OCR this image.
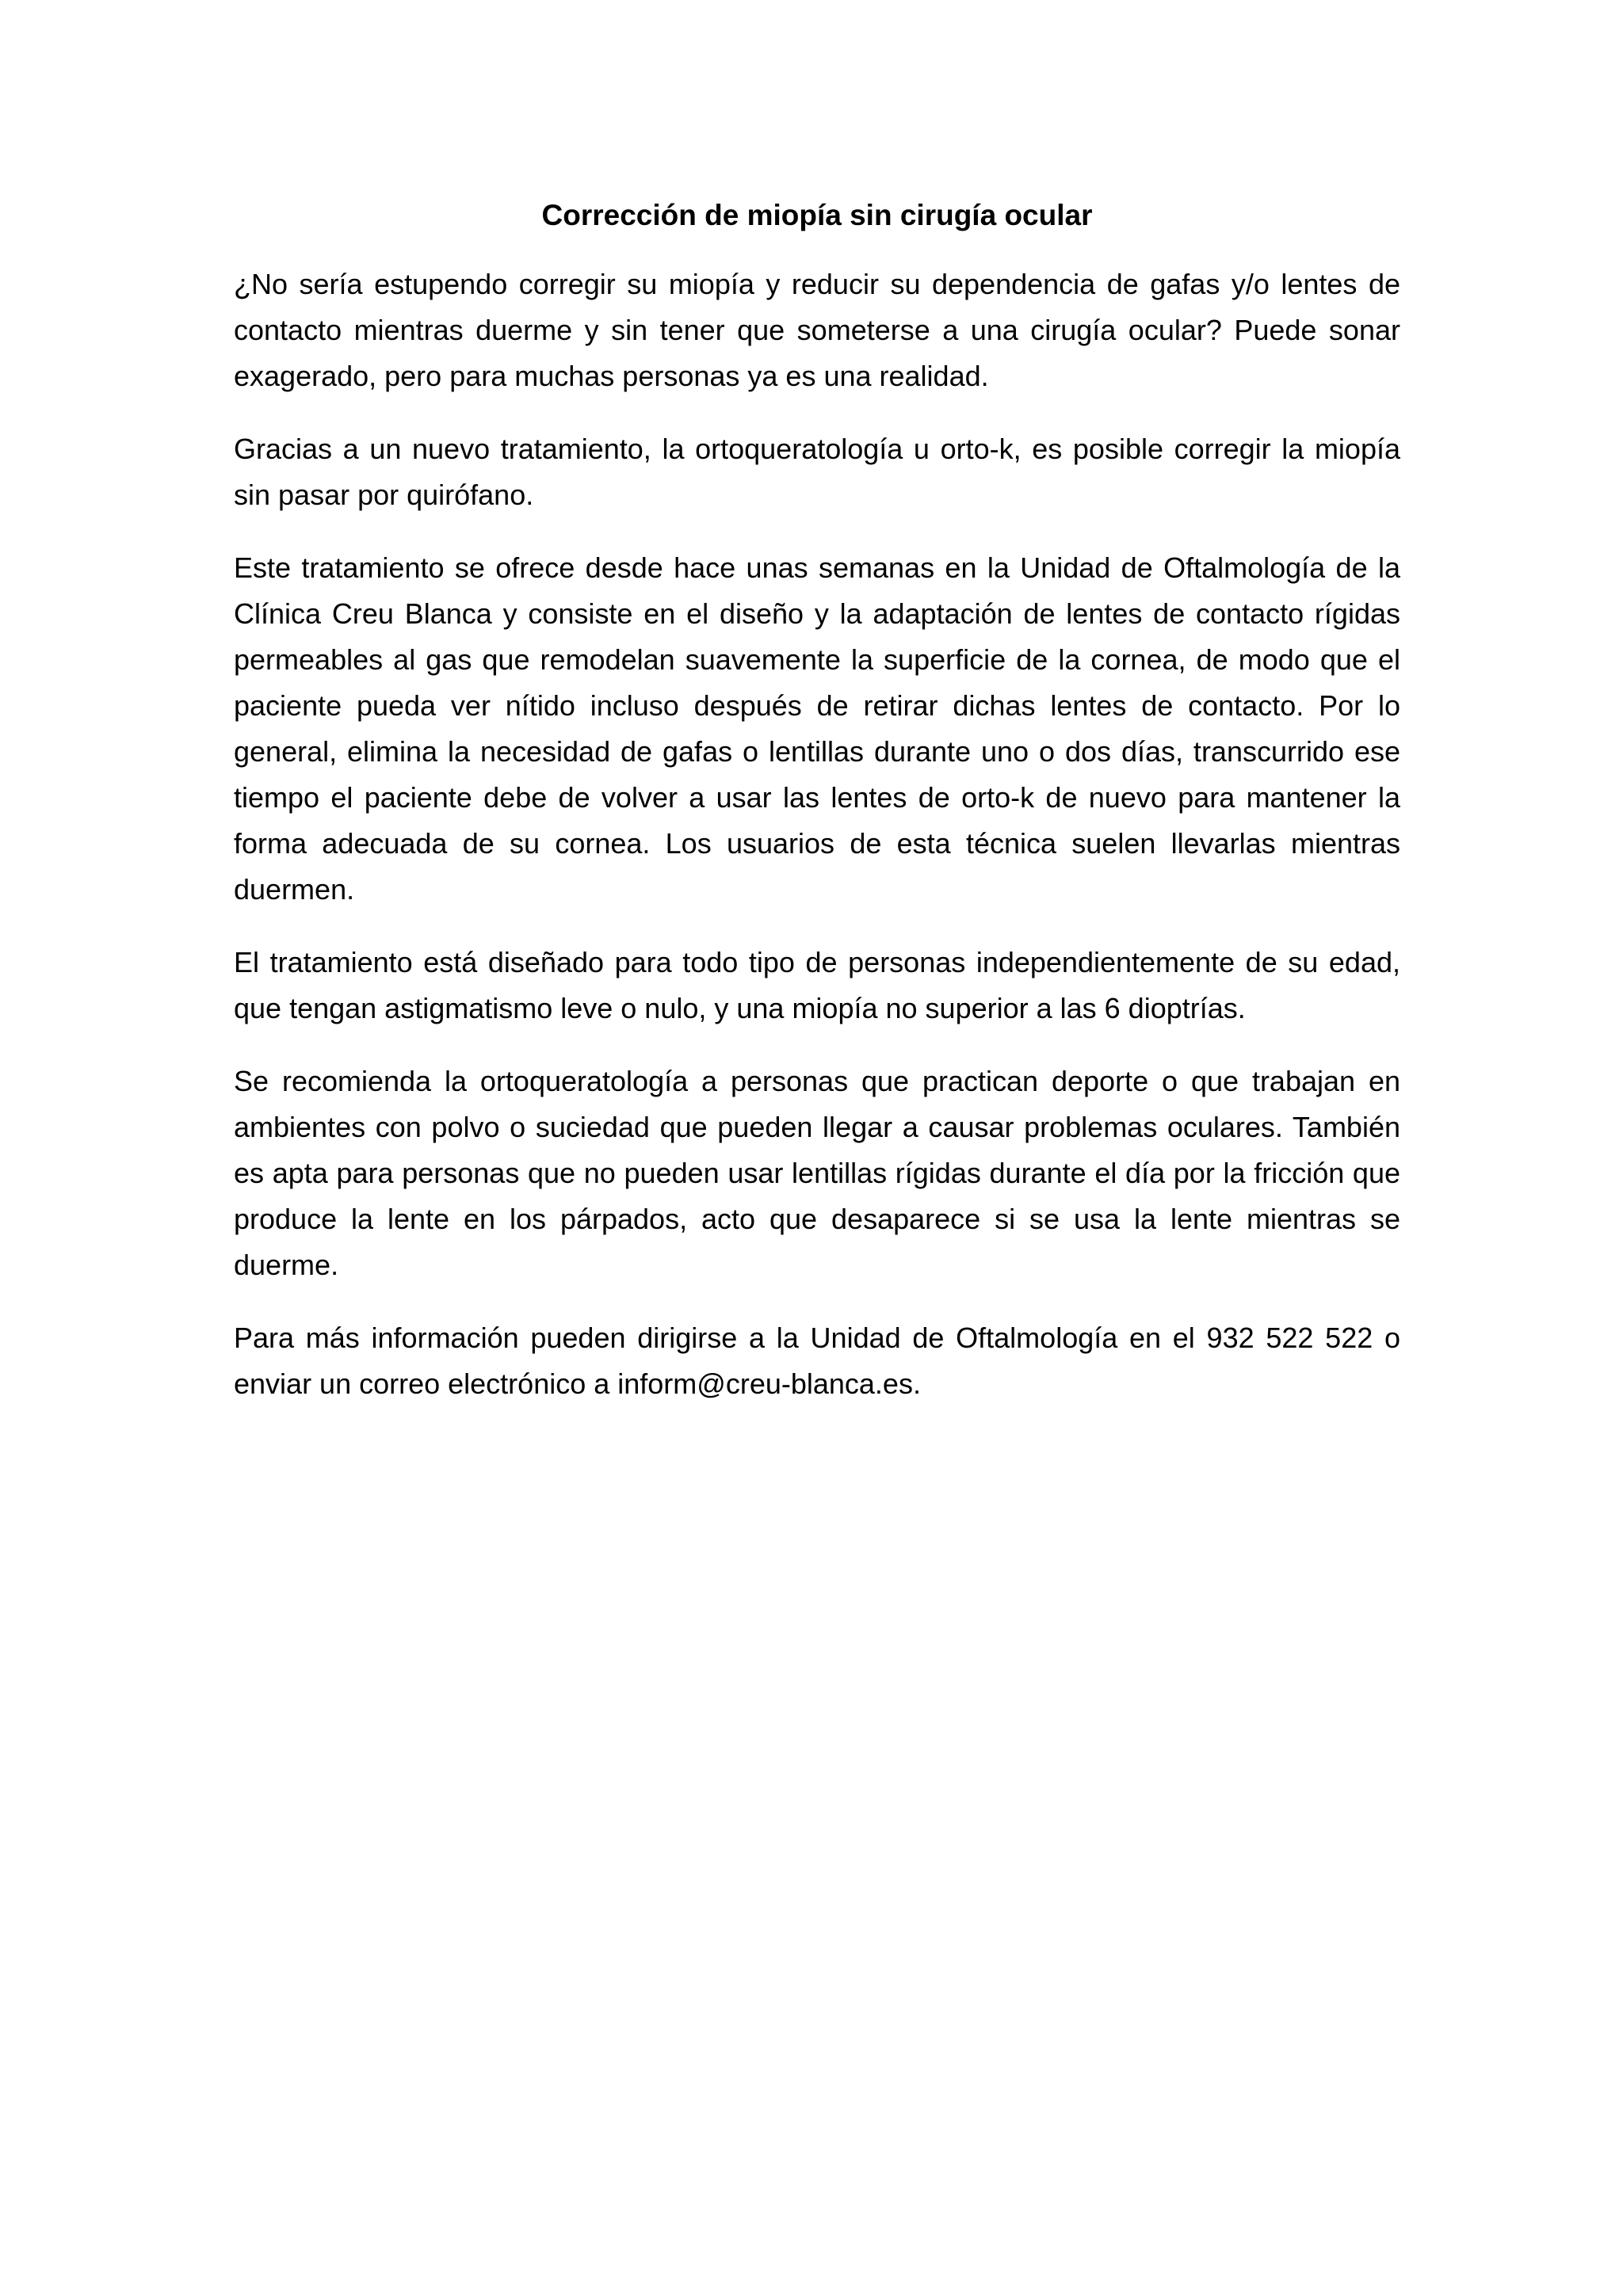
Corrección de miopía sin cirugía ocular

¿No sería estupendo corregir su miopía y reducir su dependencia de gafas y/o lentes de contacto mientras duerme y sin tener que someterse a una cirugía ocular? Puede sonar exagerado, pero para muchas personas ya es una realidad.

Gracias a un nuevo tratamiento, la ortoqueratología u orto-k, es posible corregir la miopía sin pasar por quirófano.

Este tratamiento se ofrece desde hace unas semanas en la Unidad de Oftalmología de la Clínica Creu Blanca y consiste en el diseño y la adaptación de lentes de contacto rígidas permeables al gas que remodelan suavemente la superficie de la cornea, de modo que el paciente pueda ver nítido incluso después de retirar dichas lentes de contacto. Por lo general, elimina la necesidad de gafas o lentillas durante uno o dos días, transcurrido ese tiempo el paciente debe de volver a usar las lentes de orto-k de nuevo para mantener la forma adecuada de su cornea. Los usuarios de esta técnica suelen llevarlas mientras duermen.

El tratamiento está diseñado para todo tipo de personas independientemente de su edad, que tengan astigmatismo leve o nulo, y una miopía no superior a las 6 dioptrías.

Se recomienda la ortoqueratología a personas que practican deporte o que trabajan en ambientes con polvo o suciedad que pueden llegar a causar problemas oculares. También es apta para personas que no pueden usar lentillas rígidas durante el día por la fricción que produce la lente en los párpados, acto que desaparece si se usa la lente mientras se duerme.

Para más información pueden dirigirse a la Unidad de Oftalmología en el 932 522 522 o enviar un correo electrónico a inform@creu-blanca.es.
